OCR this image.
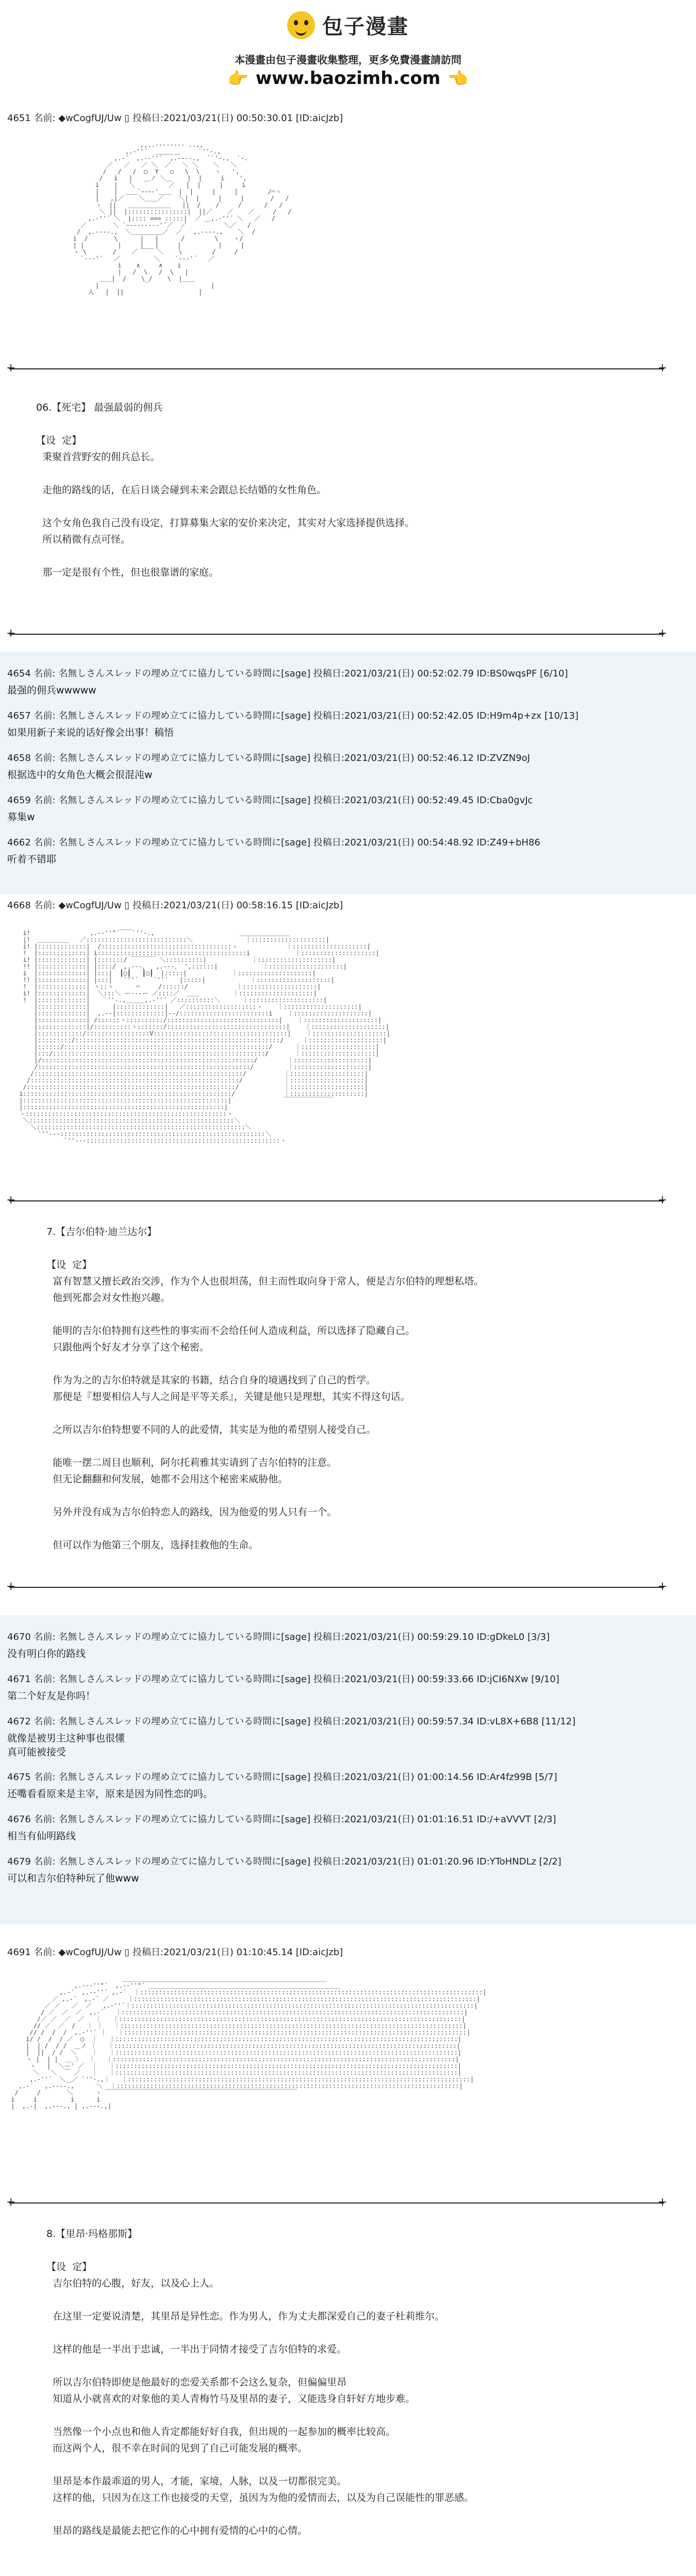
包子漫畫
本漫畫由包子漫畫收集整理，更多免費漫畫請訪問
👉 www.baozimh.com 👈
4651 名前: ◆wCogfUJ/Uw ▯ 投稿日:2021/03/21(日) 00:50:30.01 [ID:aicJzb]
,,..-‐‐‐‐‐-- ..,,
,.‐''´  ＿＿＿＿     `''‐.,
,.‐´  ,.-‐''´  ,.-‐‐-.,  ``'‐.,  `‐.
／   ／   ／ ＼  ／   ＼ ＼    ＼   ＼
/   /   /  ◯  Y   ◯   \  \    ヽ   ',
/   i   |   ＿ノ ＼＿    |  |     i    ',
i    |   ＼         ／   |  |     |     i
|    |  ＿＿`ｰ‐ｰ‐'＿＿  |  |     |     |        /⌒ヽ
|   ,|／    ＼＿＿／    ＼|  |     |     |       /   /
ヽ  ||   ＿＿＿＿＿＿＿   ||  /    /     /      /   /
＼ ||  |::::::::::::::::|  ||／    ／    ／     /   /
,.‐''´ ＼  |:::: === :::::|  ／ ＿,.‐''´ ＼   ／   /
／       ＼ `ｰ-------‐'´／  ／          ＼／   /
/  ,.-‐‐-.,  ＼＿＿＿＿＿／  ／   ,.-‐‐-.,    ＼  /
i  /       \      |   |      /        \    ヽ/
| |         |     |   |     |          |     |
ヽ \       /    ／ ￣￣ ＼    \        /     /
`‐-‐'´   ／         ＼    `‐-‐'´   ／
i    ∧     ∧    i
|   /  \   /  \   |
＿＿|  /    \_/    \  |＿＿
|                              |
人   |  ||                    |

+ +
06.【死宅】 最强最弱的佣兵

【设  定】
秉聚首营野安的佣兵总长。

走他的路线的话，在后日谈会碰到未来会跟总长结婚的女性角色。

这个女角色我自己没有设定，打算募集大家的安价来决定，其实对大家选择提供选择。
所以稍微有点可怪。

那一定是很有个性，但也很靠谱的家庭。
+ +
4654 名前: 名無しさんスレッドの埋め立てに協力している時間に[sage] 投稿日:2021/03/21(日) 00:52:02.79 ID:BS0wqsPF [6/10]
最强的佣兵wwwww
4657 名前: 名無しさんスレッドの埋め立てに協力している時間に[sage] 投稿日:2021/03/21(日) 00:52:42.05 ID:H9m4p+zx [10/13]
如果用新子来说的话好像会出事！稿悟
4658 名前: 名無しさんスレッドの埋め立てに協力している時間に[sage] 投稿日:2021/03/21(日) 00:52:46.12 ID:ZVZN9oJ
根据选中的女角色大概会很混沌w
4659 名前: 名無しさんスレッドの埋め立てに協力している時間に[sage] 投稿日:2021/03/21(日) 00:52:49.45 ID:Cba0gvJc
募集w
4662 名前: 名無しさんスレッドの埋め立てに協力している時間に[sage] 投稿日:2021/03/21(日) 00:54:48.92 ID:Z49+bH86
听着不错耶
4668 名前: ◆wCogfUJ/Uw ▯ 投稿日:2021/03/21(日) 00:58:16.15 [ID:aicJzb]
i!                ,.-‐''"´￣￣`''‐.,                       ＿＿＿＿＿＿＿＿
|!  ＿＿＿＿＿   ／:::::::::::::::::::::::::::＼              ｜::::::::::::::::::::|
i! |:::::::::::::|  /:::::::::::::::::::::::::::::::::::ヽ             ｜::::::::::::::::::::|
!  |:::::::::::::| i::::::::::::::::::::::::::::::::::::::::i            ｜::::::::::::::::::::|
i! |:::::::::::::| |:::::::/ ￣￣￣￣ ＼::::::::::|            ｜::::::::::::::::::::|
!! |:::::::::::::| |::::/  ,.-‐-、  ,.-‐-、 ',::::::|            ｜::::::::::::::::::::|
i  |:::::::::::::| |:::|  ┃◯┃   ┃◯┃  |:::::|            ｜::::::::::::::::::::|
!! |:::::::::::::| |:::|   `''´    `''´   |:::::|            ｜::::::::::::::::::::|
!  |:::::::::::::| ヽ::ヽ      ⌒     /::::::/             ｜::::::::::::::::::::|
i! |:::::::::::::|  ＼:::＼ ー‐‐‐ー ／::::／  ＿＿         ｜::::::::::::::::::::|
!  |:::::::::::::|   ｀''‐.,＿＿＿,.‐''´ ／::::::::::＼      ｜::::::::::::::::::::|
|:::::::::::::|      |:::::::::::::|   ／:::::::::::::::::::ヽ    ｜::::::::::::::::::::|
|:::::::::::::|  ,.-‐|:::::::::::::|‐-/::::::::::::::::::::::::i    ｜::::::::::::::::::::|
|:::::::::::::| /::::::ヽ::::::::::/::::::::::::::::::::::::::::::|    ｜::::::::::::::::::::|
|:::::::::::::|/::::::::::ヽ:::::::/::::::::::::::::::::::::::::::::|    ｜::::::::::::::::::::|
|::::::::::::/:::::::::::::::::V::::::::::::::::::::::::::::::::::::|    ｜::::::::::::::::::::|
|:::::::::/:::::::::::::::::::::::::::::::::::::::::::::::::::::::/     ｜::::::::::::::::::::|
|::::::/:::::::::::::::::::::::::::::::::::::::::::::::::::::::/      ｜::::::::::::::::::::|
|:::/:::::::::::::::::::::::::::::::::::::::::::::::::::::::::/       ｜::::::::::::::::::::|
|/:::::::::::::::::::::::::::::::::::::::::::::::::::::::::/        ｜::::::::::::::::::::|
/:::::::::::::::::::::::::::::::::::::::::::::::::::::::::/         ｜::::::::::::::::::::|
/::::::::::::::::::::::::::::::::::::::::::::::::::::::::/          ｜::::::::::::::::::::|
/::::::::::::::::::::::::::::::::::::::::::::::::::::::::/           ｜::::::::::::::::::::|
/::::::::::::::::::::::::::::::::::::::::::::::::::::::::/            ｜::::::::::::::::::::|
i::::::::::::::::::::::::::::::::::::::::::::::::::::::::/             ｜::::::::::::::::::::|
|:::::::::::::::::::::::::::::::::::::::::::::::::::::::|              ￣￣￣￣￣￣￣￣
|::::::::::::::::::::::::::::::::::::::::::::::::::::::|
ヽ::::::::::::::::::::::::::::::::::::::::::::::::::::::ヽ
＼:::::::::::::::::::::::::::::::::::::::::::::::::::::::＼
＼::::::::::::::::::::::::::::::::::::::::::::::::::::::::＼
`''‐--:::::::::::::::::::::::::::::::::::::::::::::::::::::::＼
`''‐--::::::::::::::::::::::::::::::::::::::::::::::::::::ヽ

+ +
7.【吉尔伯特·迪兰达尔】

【设  定】
富有智慧又擅长政治交涉，作为个人也很坦荡，但主而性取向身于常人，便是吉尔伯特的理想私塔。
他到死都会对女性抱兴趣。

能明的吉尔伯特拥有这些性的事实而不会给任何人造成利益，所以选择了隐藏自己。
只跟他两个好友才分享了这个秘密。

作为为之的吉尔伯特就是其家的书籍，结合自身的境遇找到了自己的哲学。
那便是『想要相信人与人之间是平等关系』，关键是他只是理想，其实不得这句话。

之所以吉尔伯特想要不同的人的此爱情，其实是为他的希望别人接受自己。

能唯一摆二周目也顺利，阿尔托莉雅其实请到了吉尔伯特的注意。
但无论翻翻和何发展，她都不会用这个秘密来威胁他。

另外并没有成为吉尔伯特恋人的路线，因为他爱的男人只有一个。

但可以作为他第三个朋友，选择挂救他的生命。
+ +
4670 名前: 名無しさんスレッドの埋め立てに協力している時間に[sage] 投稿日:2021/03/21(日) 00:59:29.10 ID:gDkeL0 [3/3]
没有明白你的路线
4671 名前: 名無しさんスレッドの埋め立てに協力している時間に[sage] 投稿日:2021/03/21(日) 00:59:33.66 ID:jCI6NXw [9/10]
第二个好友是你吗！
4672 名前: 名無しさんスレッドの埋め立てに協力している時間に[sage] 投稿日:2021/03/21(日) 00:59:57.34 ID:vL8X+6B8 [11/12]
就像是被男主这种事也很懂
真可能被接受
4675 名前: 名無しさんスレッドの埋め立てに協力している時間に[sage] 投稿日:2021/03/21(日) 01:00:14.56 ID:Ar4fz99B [5/7]
还嘴看看原来是主宰，原来是因为同性恋的吗。
4676 名前: 名無しさんスレッドの埋め立てに協力している時間に[sage] 投稿日:2021/03/21(日) 01:01:16.51 ID:/+aVVVT [2/3]
相当有仙明路线
4679 名前: 名無しさんスレッドの埋め立てに協力している時間に[sage] 投稿日:2021/03/21(日) 01:01:20.96 ID:YToHNDLz [2/2]
可以和吉尔伯特种玩了他www
4691 名前: ◆wCogfUJ/Uw ▯ 投稿日:2021/03/21(日) 01:10:45.14 [ID:aicJzb]
＿＿＿＿＿＿＿＿＿＿＿＿＿＿＿＿＿＿＿＿＿＿＿＿＿＿＿＿＿＿＿＿＿
,.-‐‐''"´  ,.-‐''"´ ＿＿＿＿＿＿＿＿＿＿＿＿＿＿＿＿＿＿＿＿＿＿＿＿＿＿＿＿＿＿＿
,.‐´  ,.-‐''´ ,.‐´  ｜::::::::::::::::::::::::::::::::::::::::::::::::::::::::::::::::::::::::::::::::::::::::::::|
／ ,.‐´  ,.‐´ ／     ｜::::::::::::::::::::::::::::::::::::::::::::::::::::::::::::::::::::::::::::::::::::::::::::|
／ ／   ／  ／   ,.‐''´｜::::::::::::::::::::::::::::::::::::::::::::::::::::::::::::::::::::::::::::::::::::::::::::|
/ ／  ／  ／  ,.‐´   ｜::::::::::::::::::::::::::::::::::::::::::::::::::::::::::::::::::::::::::::::::::::::::::::|
/／ ／  ／  ／   ｜   ｜::::::::::::::::::::::::::::::::::::::::::::::::::::::::::::::::::::::::::::::::::::::::::::|
// ／  ／  /   ｜ ｜   ｜::::::::::::::::::::::::::::::::::::::::::::::::::::::::::::::::::::::::::::::::::::::::::::|
// /  /  /  ,.‐''´ ｜   ｜::::::::::::::::::::::::::::::::::::::::::::::::::::::::::::::::::::::::::::::::::::::::::::|
i/ /  /  / ／  ◯  ｜   ｜::::::::::::::::::::::::::::::::::::::::::::::::::::::::::::::::::::::::::::::::::::::::::::|
|  | /  / /  ＿ノ ｜   ｜::::::::::::::::::::::::::::::::::::::::::::::::::::::::::::::::::::::::::::::::::::::::::::|
|  ||  / /  ＼    ｜   ｜::::::::::::::::::::::::::::::::::::::::::::::::::::::::::::::::::::::::::::::::::::::::::::|
ヽ |  | |  ＿ 〉  ｜   ｜::::::::::::::::::::::::::::::::::::::::::::::::::::::::::::::::::::::::::::::::::::::::::::|
ヽ   |  ＼ー' ／  ｜   ｜::::::::::::::::::::::::::::::::::::::::::::::::::::::::::::::::::::::::::::::::::::::::::::|
＼   ＼  ￣ ／   ｜   ｜::::::::::::::::::::::::::::::::::::::::::::::::::::::::::::::::::::::::::::::::::::::::::::|
,.‐''´  ＼＿／ `''‐.,｜   ｜::::::::::::::::::::::::::::::::::::::::::::::::::::::::::::::::::::::::::::::::::::::::::::|
,.‐´   ,.-‐‐-.,      ＼  ｜::::::::::::::::::::::::::::::::::::::::::::::::::::::::::::::::::::::::::::::::::::::::::::|
/     /       ＼      ヽ ￣￣￣￣￣￣￣￣￣￣￣￣￣￣￣￣￣￣￣￣￣￣￣￣￣￣￣￣￣￣￣
i     i         i      i
|  ,.-|  ,.-‐-., | ,.-‐-.,|

+ +
8.【里昂·玛格那斯】

【设  定】
吉尔伯特的心腹，好友，以及心上人。

在这里一定要说清楚，其里昂是异性恋。作为男人，作为丈夫都深爱自己的妻子杜莉维尔。

这样的他是一半出于忠诚，一半出于同情才接受了吉尔伯特的求爱。

所以吉尔伯特即使是他最好的恋爱关系都不会这么复杂，但偏偏里昂
知道从小就喜欢的对象他的美人青梅竹马及里昂的妻子，又能选身自轩好方地步难。

当然像一个小点也和他人肯定都能好好自我，但出规的一起参加的概率比较高。
而这两个人，很不幸在时间的见到了自己可能发展的概率。

里昂是本作最乖道的男人，才能，家境，人脉，以及一切都很完美。
这样的他，只因为在这工作也接受的天堂，虽因为为他的爱情而去，以及为自己误能性的罪恶感。

里昂的路线是最能去把它作的心中拥有爱情的心中的心情。
